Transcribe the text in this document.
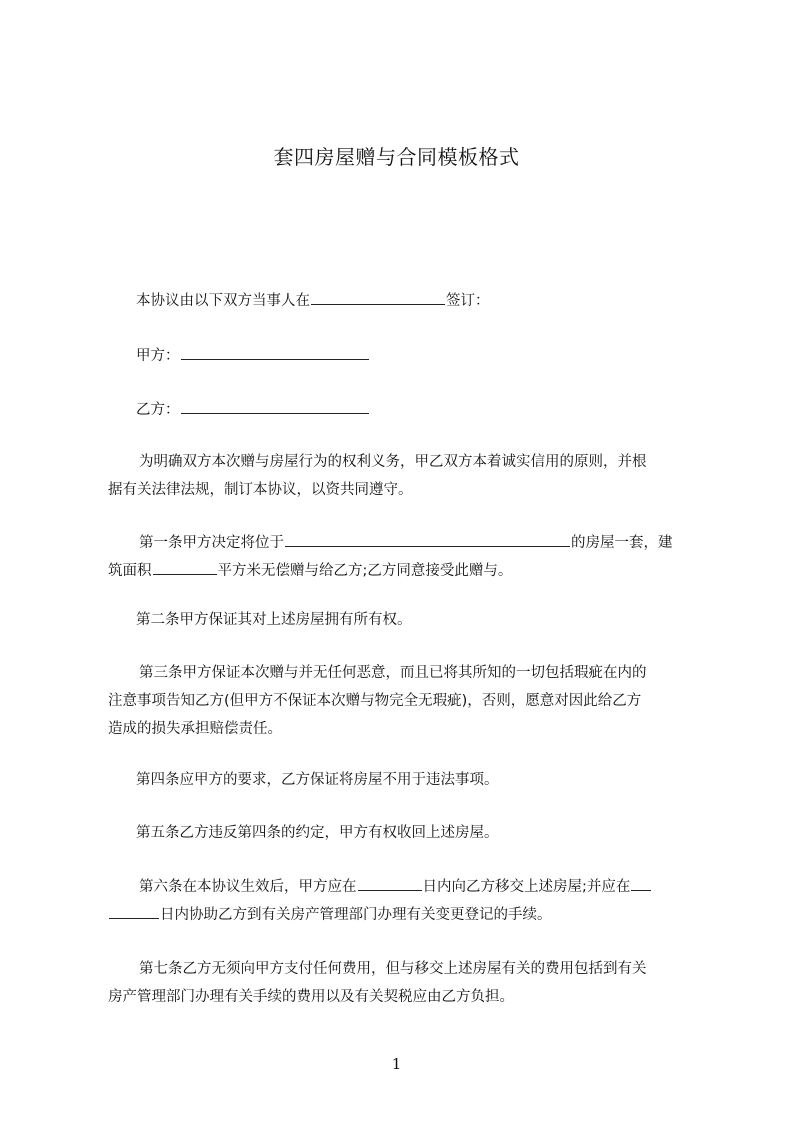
套四房屋赠与合同模板格式
本协议由以下双方当事人在	签订：
甲方：
乙方：
为明确双方本次赠与房屋行为的权利义务，甲乙双方本着诚实信用的原则，并根
据有关法律法规，制订本协议，以资共同遵守。
第一条甲方决定将位于	的房屋一套，建
筑面积	平方米无偿赠与给乙方;乙方同意接受此赠与。
第二条甲方保证其对上述房屋拥有所有权。
第三条甲方保证本次赠与并无任何恶意，而且已将其所知的一切包括瑕疵在内的
注意事项告知乙方(但甲方不保证本次赠与物完全无瑕疵)，否则，愿意对因此给乙方
造成的损失承担赔偿责任。
第四条应甲方的要求，乙方保证将房屋不用于违法事项。
第五条乙方违反第四条的约定，甲方有权收回上述房屋。
第六条在本协议生效后，甲方应在	日内向乙方移交上述房屋;并应在
日内协助乙方到有关房产管理部门办理有关变更登记的手续。
第七条乙方无须向甲方支付任何费用，但与移交上述房屋有关的费用包括到有关
房产管理部门办理有关手续的费用以及有关契税应由乙方负担。
1
